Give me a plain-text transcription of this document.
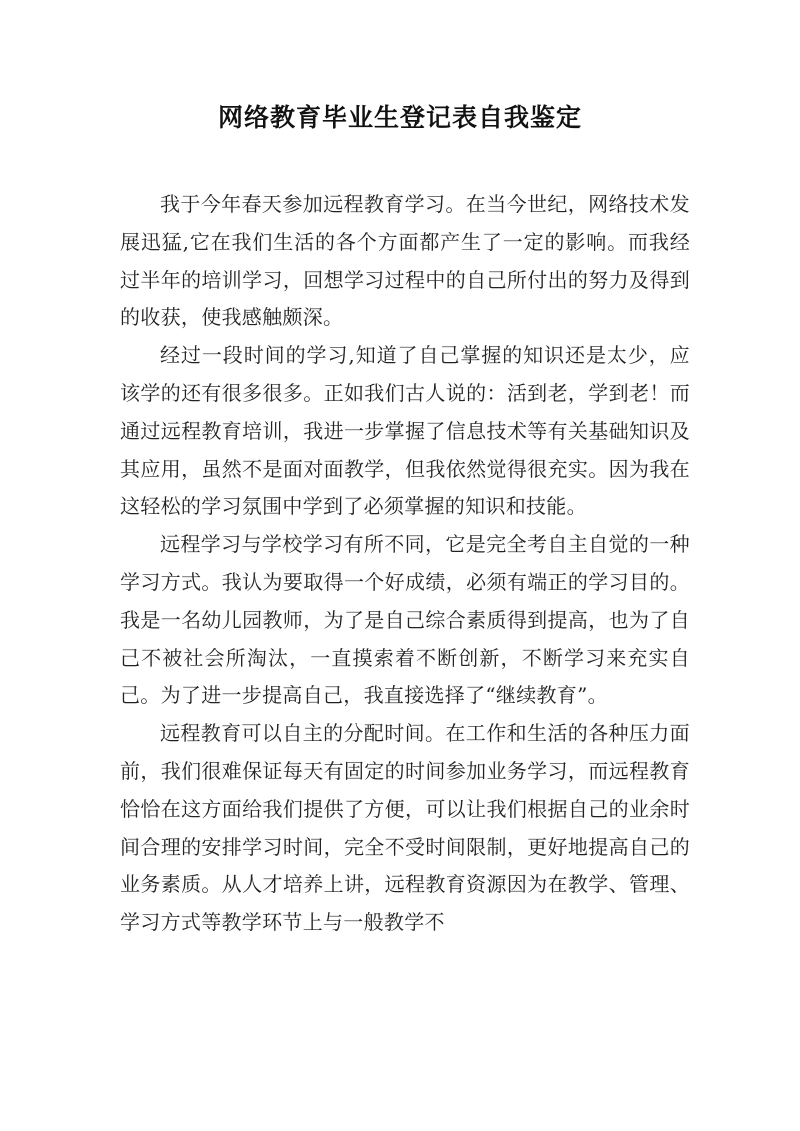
网络教育毕业生登记表自我鉴定

我于今年春天参加远程教育学习。在当今世纪，网络技术发展迅猛,它在我们生活的各个方面都产生了一定的影响。而我经过半年的培训学习，回想学习过程中的自己所付出的努力及得到的收获，使我感触颇深。

经过一段时间的学习,知道了自己掌握的知识还是太少，应该学的还有很多很多。正如我们古人说的：活到老，学到老！而通过远程教育培训，我进一步掌握了信息技术等有关基础知识及其应用，虽然不是面对面教学，但我依然觉得很充实。因为我在这轻松的学习氛围中学到了必须掌握的知识和技能。

远程学习与学校学习有所不同，它是完全考自主自觉的一种学习方式。我认为要取得一个好成绩，必须有端正的学习目的。我是一名幼儿园教师，为了是自己综合素质得到提高，也为了自己不被社会所淘汰，一直摸索着不断创新，不断学习来充实自己。为了进一步提高自己，我直接选择了“继续教育”。

远程教育可以自主的分配时间。在工作和生活的各种压力面前，我们很难保证每天有固定的时间参加业务学习，而远程教育恰恰在这方面给我们提供了方便，可以让我们根据自己的业余时间合理的安排学习时间，完全不受时间限制，更好地提高自己的业务素质。从人才培养上讲，远程教育资源因为在教学、管理、学习方式等教学环节上与一般教学不
